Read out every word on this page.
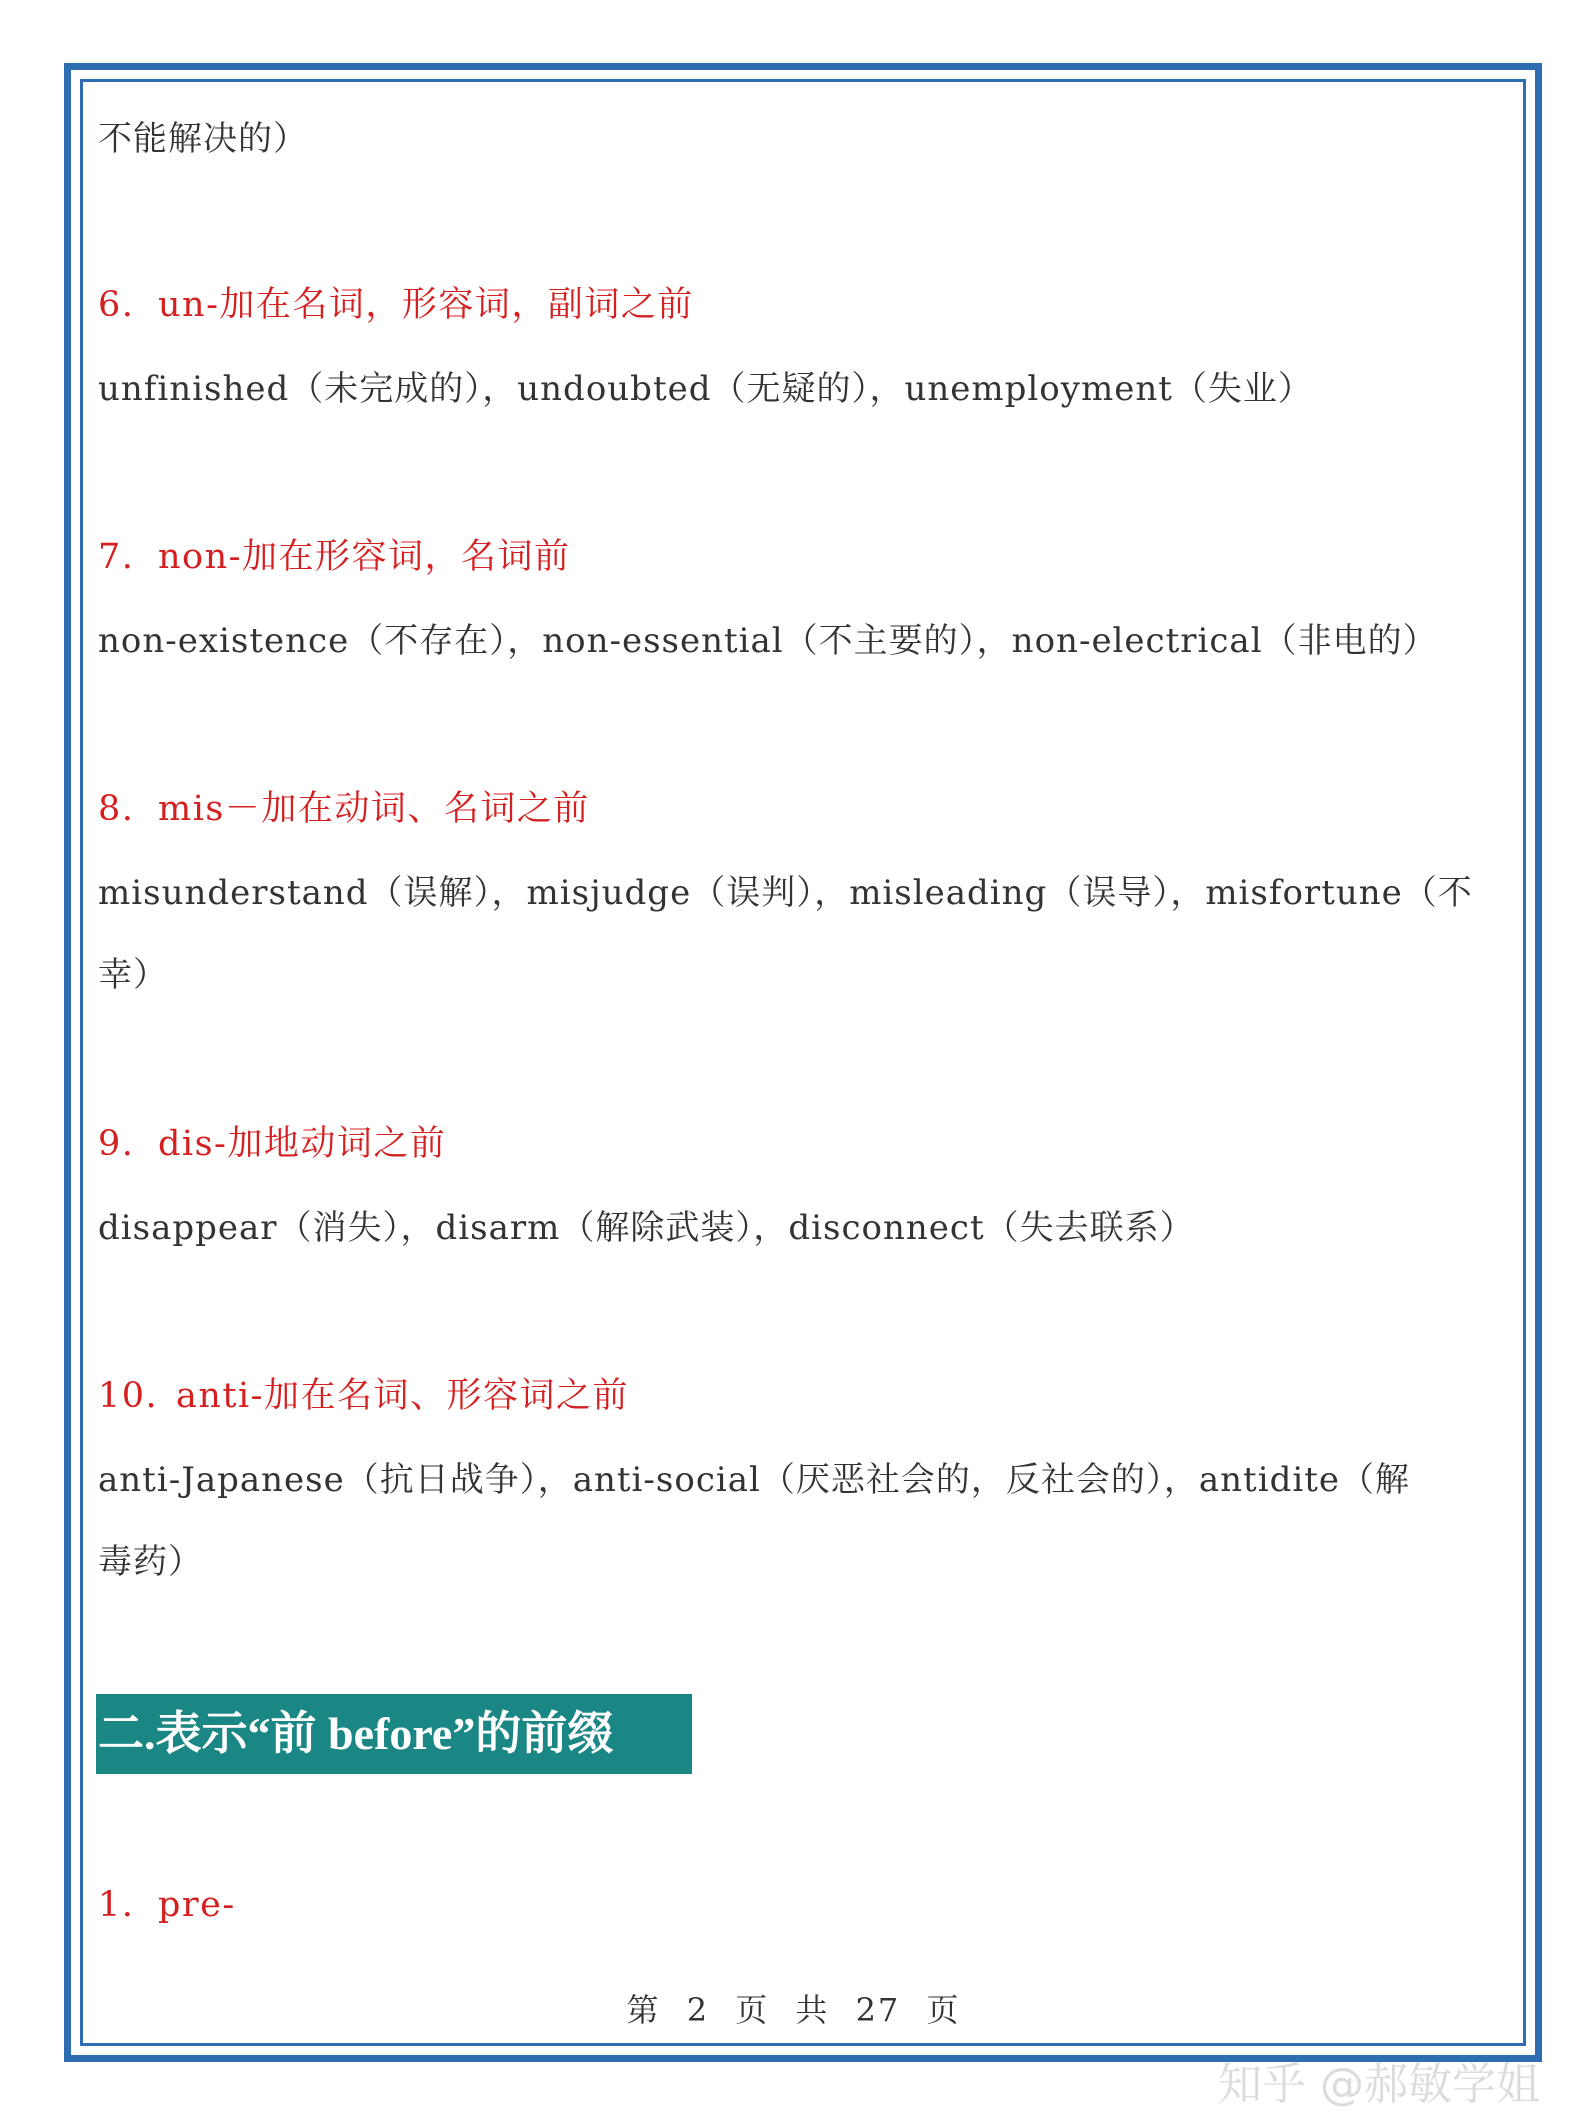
不能解决的）
6. un-加在名词，形容词，副词之前
unfinished（未完成的），undoubted（无疑的），unemployment（失业）
7. non-加在形容词，名词前
non-existence（不存在），non-essential（不主要的），non-electrical（非电的）
8. mis－加在动词、名词之前
misunderstand（误解），misjudge（误判），misleading（误导），misfortune（不
幸）
9. dis-加地动词之前
disappear（消失），disarm（解除武装），disconnect（失去联系）
10. anti-加在名词、形容词之前
anti-Japanese（抗日战争），anti-social（厌恶社会的，反社会的），antidite（解
毒药）
1. pre-
二.表示“前 before”的前缀
第 2 页 共 27 页
知乎 @郝敏学姐
